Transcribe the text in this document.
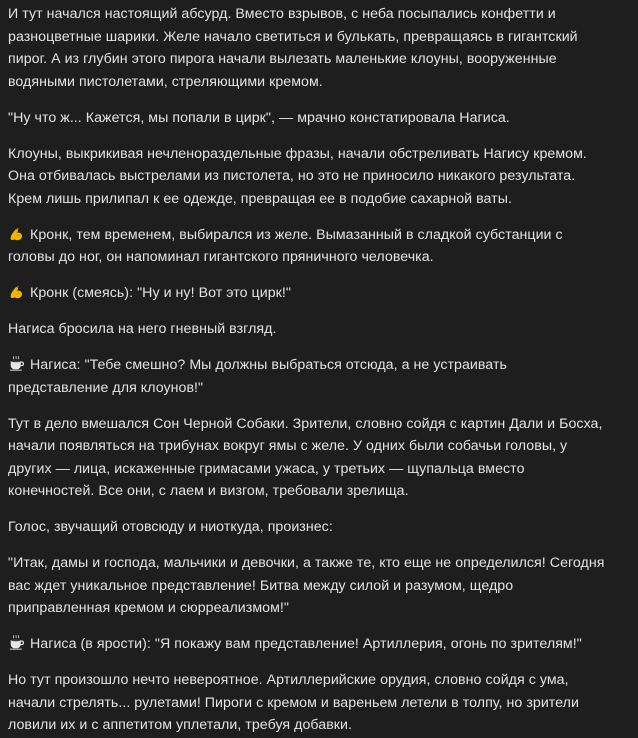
И тут начался настоящий абсурд. Вместо взрывов, с неба посыпались конфетти и разноцветные шарики. Желе начало светиться и булькать, превращаясь в гигантский пирог. А из глубин этого пирога начали вылезать маленькие клоуны, вооруженные водяными пистолетами, стреляющими кремом.

"Ну что ж... Кажется, мы попали в цирк", — мрачно констатировала Нагиса.

Клоуны, выкрикивая нечленораздельные фразы, начали обстреливать Нагису кремом. Она отбивалась выстрелами из пистолета, но это не приносило никакого результата. Крем лишь прилипал к ее одежде, превращая ее в подобие сахарной ваты.

Кронк, тем временем, выбирался из желе. Вымазанный в сладкой субстанции с головы до ног, он напоминал гигантского пряничного человечка.

Кронк (смеясь): "Ну и ну! Вот это цирк!"

Нагиса бросила на него гневный взгляд.

Нагиса: "Тебе смешно? Мы должны выбраться отсюда, а не устраивать представление для клоунов!"

Тут в дело вмешался Сон Черной Собаки. Зрители, словно сойдя с картин Дали и Босха, начали появляться на трибунах вокруг ямы с желе. У одних были собачьи головы, у других — лица, искаженные гримасами ужаса, у третьих — щупальца вместо конечностей. Все они, с лаем и визгом, требовали зрелища.

Голос, звучащий отовсюду и ниоткуда, произнес:

"Итак, дамы и господа, мальчики и девочки, а также те, кто еще не определился! Сегодня вас ждет уникальное представление! Битва между силой и разумом, щедро приправленная кремом и сюрреализмом!"

Нагиса (в ярости): "Я покажу вам представление! Артиллерия, огонь по зрителям!"

Но тут произошло нечто невероятное. Артиллерийские орудия, словно сойдя с ума, начали стрелять... рулетами! Пироги с кремом и вареньем летели в толпу, но зрители ловили их и с аппетитом уплетали, требуя добавки.
